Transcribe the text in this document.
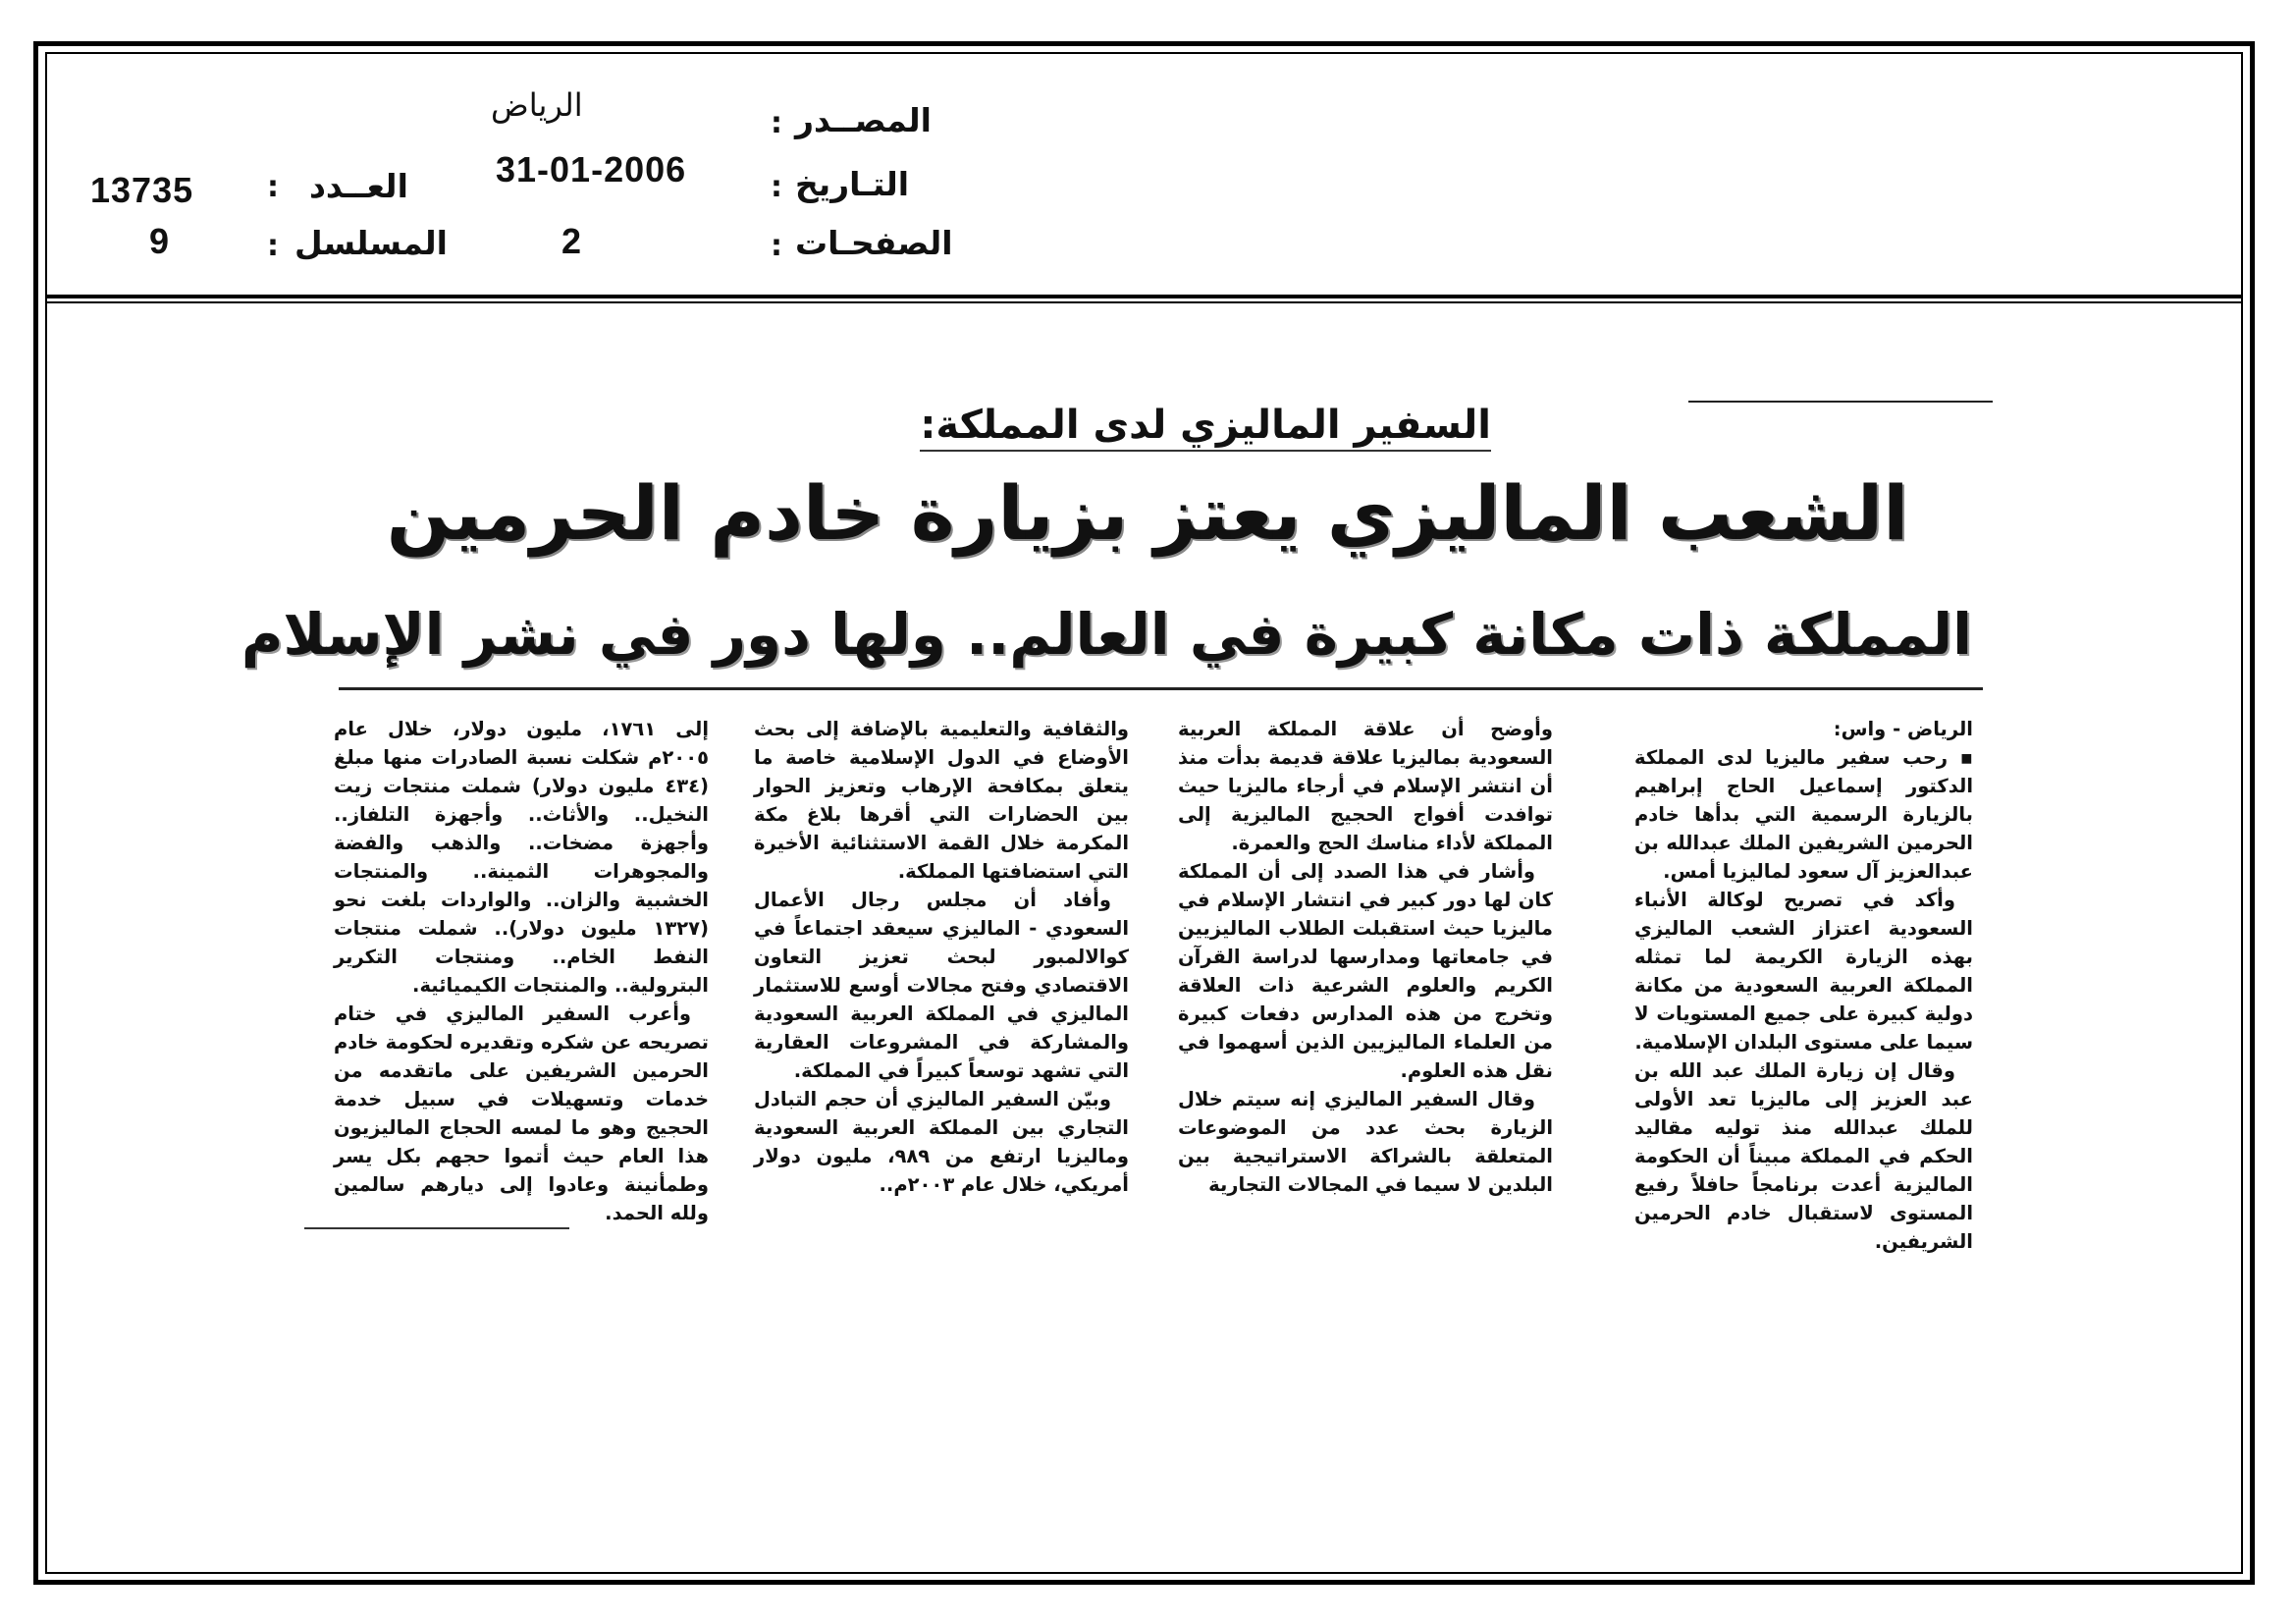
المصــدر
:
الرياض
التـاريخ
:
31-01-2006
الصفحـات
:
2
العــدد
:
13735
المسلسل
:
9
السفير الماليزي لدى المملكة:
الشعب الماليزي يعتز بزيارة خادم الحرمين
المملكة ذات مكانة كبيرة في العالم.. ولها دور في نشر الإسلام
الرياض - واس:

▪ رحب سفير ماليزيا لدى المملكة الدكتور إسماعيل الحاج إبراهيم بالزيارة الرسمية التي بدأها خادم الحرمين الشريفين الملك عبدالله بن عبدالعزيز آل سعود لماليزيا أمس.

وأكد في تصريح لوكالة الأنباء السعودية اعتزاز الشعب الماليزي بهذه الزيارة الكريمة لما تمثله المملكة العربية السعودية من مكانة دولية كبيرة على جميع المستويات لا سيما على مستوى البلدان الإسلامية.

وقال إن زيارة الملك عبد الله بن عبد العزيز إلى ماليزيا تعد الأولى للملك عبدالله منذ توليه مقاليد الحكم في المملكة مبيناً أن الحكومة الماليزية أعدت برنامجاً حافلاً رفيع المستوى لاستقبال خادم الحرمين الشريفين.

وأوضح أن علاقة المملكة العربية السعودية بماليزيا علاقة قديمة بدأت منذ أن انتشر الإسلام في أرجاء ماليزيا حيث توافدت أفواج الحجيج الماليزية إلى المملكة لأداء مناسك الحج والعمرة.

وأشار في هذا الصدد إلى أن المملكة كان لها دور كبير في انتشار الإسلام في ماليزيا حيث استقبلت الطلاب الماليزيين في جامعاتها ومدارسها لدراسة القرآن الكريم والعلوم الشرعية ذات العلاقة وتخرج من هذه المدارس دفعات كبيرة من العلماء الماليزيين الذين أسهموا في نقل هذه العلوم.

وقال السفير الماليزي إنه سيتم خلال الزيارة بحث عدد من الموضوعات المتعلقة بالشراكة الاستراتيجية بين البلدين لا سيما في المجالات التجارية

والثقافية والتعليمية بالإضافة إلى بحث الأوضاع في الدول الإسلامية خاصة ما يتعلق بمكافحة الإرهاب وتعزيز الحوار بين الحضارات التي أقرها بلاغ مكة المكرمة خلال القمة الاستثنائية الأخيرة التي استضافتها المملكة.

وأفاد أن مجلس رجال الأعمال السعودي - الماليزي سيعقد اجتماعاً في كوالالمبور لبحث تعزيز التعاون الاقتصادي وفتح مجالات أوسع للاستثمار الماليزي في المملكة العربية السعودية والمشاركة في المشروعات العقارية التي تشهد توسعاً كبيراً في المملكة.

وبيّن السفير الماليزي أن حجم التبادل التجاري بين المملكة العربية السعودية وماليزيا ارتفع من ٩٨٩، مليون دولار أمريكي، خلال عام ٢٠٠٣م..

إلى ١٧٦١، مليون دولار، خلال عام ٢٠٠٥م شكلت نسبة الصادرات منها مبلغ (٤٣٤ مليون دولار) شملت منتجات زيت النخيل.. والأثاث.. وأجهزة التلفاز.. وأجهزة مضخات.. والذهب والفضة والمجوهرات الثمينة.. والمنتجات الخشبية والزان.. والواردات بلغت نحو (١٣٢٧ مليون دولار).. شملت منتجات النفط الخام.. ومنتجات التكرير البترولية.. والمنتجات الكيميائية.

وأعرب السفير الماليزي في ختام تصريحه عن شكره وتقديره لحكومة خادم الحرمين الشريفين على ماتقدمه من خدمات وتسهيلات في سبيل خدمة الحجيج وهو ما لمسه الحجاج الماليزيون هذا العام حيث أتموا حجهم بكل يسر وطمأنينة وعادوا إلى ديارهم سالمين ولله الحمد.
